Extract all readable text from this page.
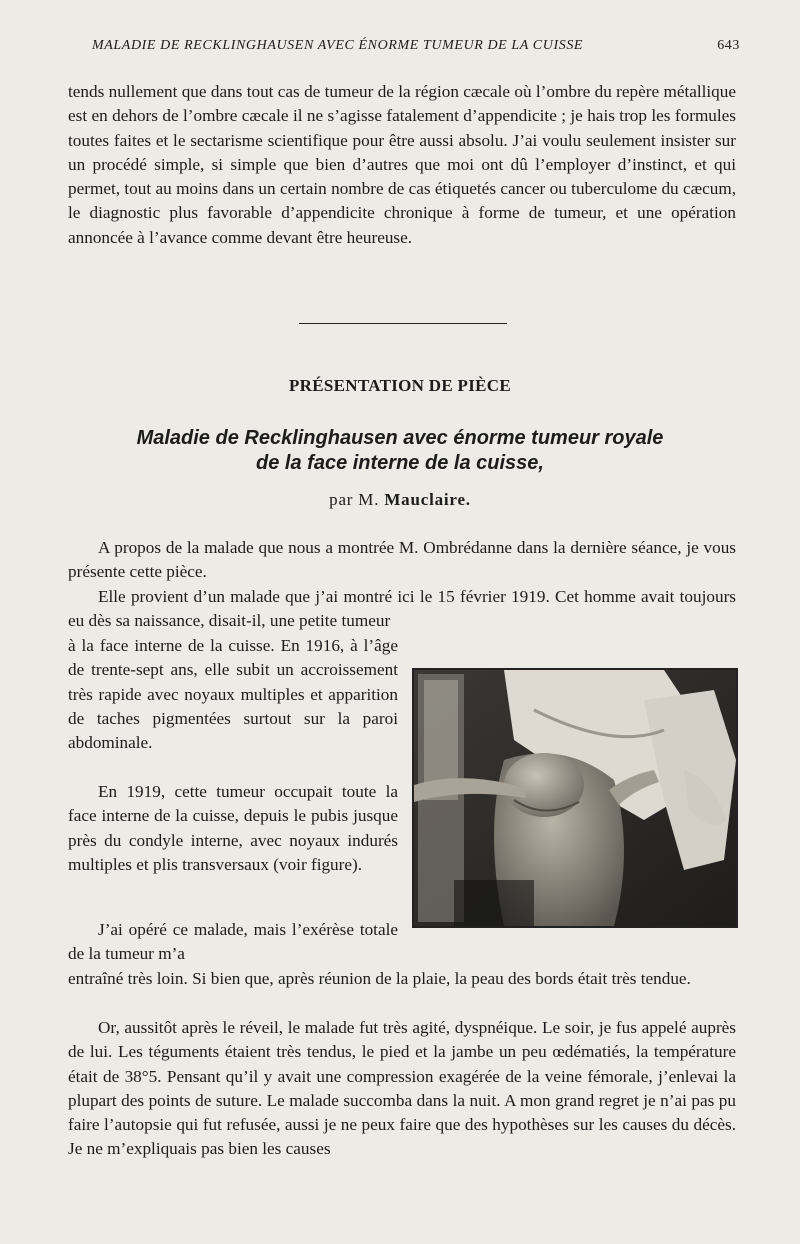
MALADIE DE RECKLINGHAUSEN AVEC ÉNORME TUMEUR DE LA CUISSE	643
tends nullement que dans tout cas de tumeur de la région cæcale où l’ombre du repère métallique est en dehors de l’ombre cæcale il ne s’agisse fatalement d’appendicite ; je hais trop les formules toutes faites et le sectarisme scientifique pour être aussi absolu. J’ai voulu seulement insister sur un procédé simple, si simple que bien d’autres que moi ont dû l’employer d’instinct, et qui permet, tout au moins dans un certain nombre de cas étiquetés cancer ou tuberculome du cæcum, le diagnostic plus favorable d’appendicite chronique à forme de tumeur, et une opération annoncée à l’avance comme devant être heureuse.
PRÉSENTATION DE PIÈCE
Maladie de Recklinghausen avec énorme tumeur royale
de la face interne de la cuisse,
par M. Mauclaire.
A propos de la malade que nous a montrée M. Ombrédanne dans la dernière séance, je vous présente cette pièce.
Elle provient d’un malade que j’ai montré ici le 15 février 1919. Cet homme avait toujours eu dès sa naissance, disait-il, une petite tumeur
à la face interne de la cuisse. En 1916, à l’âge de trente-sept ans, elle subit un accroissement très rapide avec noyaux multiples et apparition de taches pigmentées surtout sur la paroi abdominale.
En 1919, cette tumeur occupait toute la face interne de la cuisse, depuis le pubis jusque près du condyle interne, avec noyaux indurés multiples et plis transversaux (voir figure).
J’ai opéré ce malade, mais l’exérèse totale de la tumeur m’a
entraîné très loin. Si bien que, après réunion de la plaie, la peau des bords était très tendue.
Or, aussitôt après le réveil, le malade fut très agité, dyspnéique. Le soir, je fus appelé auprès de lui. Les téguments étaient très tendus, le pied et la jambe un peu œdématiés, la température était de 38°5. Pensant qu’il y avait une compression exagérée de la veine fémorale, j’enlevai la plupart des points de suture. Le malade succomba dans la nuit. A mon grand regret je n’ai pas pu faire l’autopsie qui fut refusée, aussi je ne peux faire que des hypothèses sur les causes du décès. Je ne m’expliquais pas bien les causes
